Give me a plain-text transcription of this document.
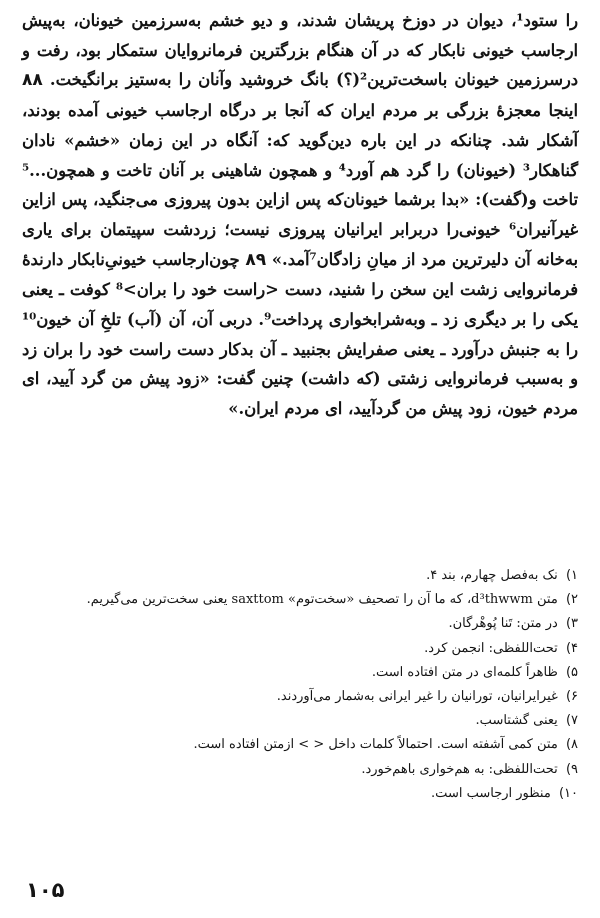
را ستود¹، دیوان در دوزخ پریشان شدند، و دیو خشم به‌سرزمین خیونان، به‌پیش ارجاسب خیونی نابکار که در آن هنگام بزرگترین فرمانروایان ستمکار بود، رفت و درسرزمین خیونان باسخت‌ترین²(؟) بانگ خروشید وآنان را به‌ستیز برانگیخت. ۸۸ اینجا معجزهٔ بزرگی بر مردم ایران که آنجا بر درگاه ارجاسب خیونی آمده بودند، آشکار شد. چنانکه در این باره دین‌گوید که: آنگاه در این زمان «خشم» نادان گناهکار³ (خیونان) را گرد هم آورد⁴ و همچون شاهینی بر آنان تاخت و همچون...⁵ تاخت و(گفت): «بدا برشما خیونان‌که پس ازاین بدون پیروزی می‌جنگید، پس ازاین غیرآنیران⁶ خیونی‌را دربرابر ایرانیان پیروزی نیست؛ زردشت سپیتمان برای یاری به‌خانه آن دلیرترین مرد از میانِ زادگان⁷آمد.» ۸۹ چون‌ارجاسب خیونیِ‌نابکار دارندهٔ فرمانروایی زشت این سخن را شنید، دست <راست خود را بران>⁸ کوفت ـ یعنی یکی را بر دیگری زد ـ وبه‌شرابخواری پرداخت⁹. دربی آن، آن (آب) تلخِ آن خیون¹⁰ را به جنبش درآورد ـ یعنی صفرایش بجنبید ـ آن بدکار دست راست خود را بران زد و به‌سبب فرمانروایی زشتی (که داشت) چنین گفت: «زود پیش من گرد آیید، ای مردم خیون، زود پیش من گردآیید، ای مردم ایران.»

۱) نک به‌فصل چهارم، بند ۴.
۲) متن d³thwwm، که ما آن را تصحیف «سخت‌توم» saxttom یعنی سخت‌ترین می‌گیریم.
۳) در متن: تَنا پُوهْرگان.
۴) تحت‌اللفظی: انجمن کرد.
۵) ظاهراً کلمه‌ای در متن افتاده است.
۶) غیرایرانیان، تورانیان را غیر ایرانی به‌شمار می‌آوردند.
۷) یعنی گشتاسب.
۸) متن کمی آشفته است. احتمالاً کلمات داخل < > ازمتن افتاده است.
۹) تحت‌اللفظی: به هم‌خواری باهم‌خورد.
۱۰) منظور ارجاسب است.
۱۰۵
